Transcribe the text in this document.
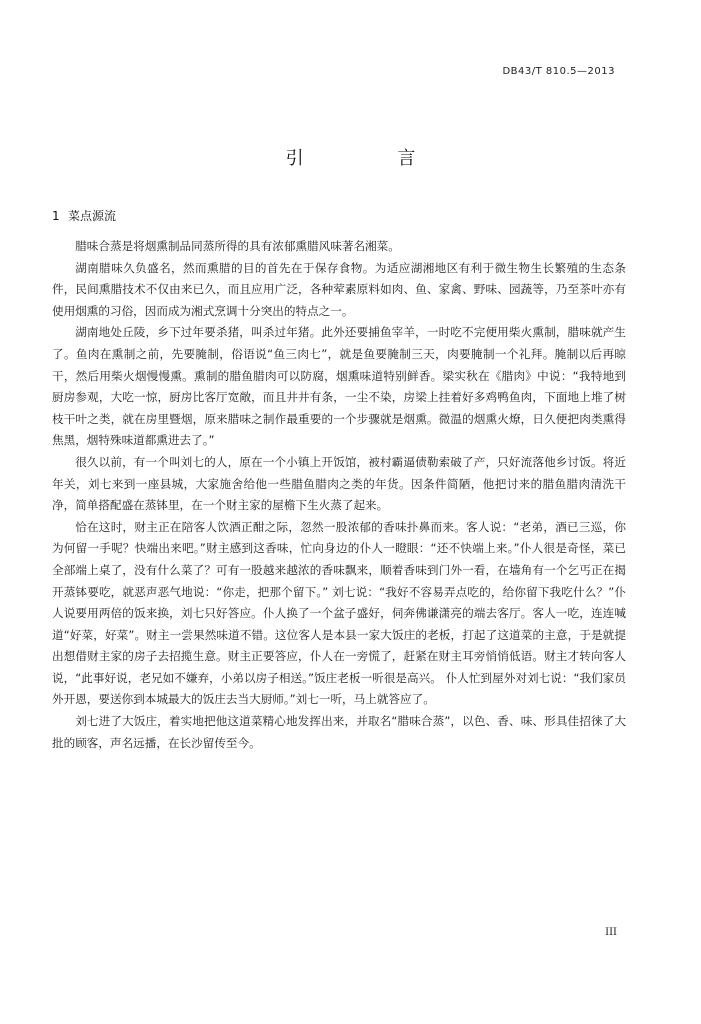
DB43/T 810.5—2013
引 言
1 菜点源流

腊味合蒸是将烟熏制品同蒸所得的具有浓郁熏腊风味著名湘菜。

湖南腊味久负盛名，然而熏腊的目的首先在于保存食物。为适应湖湘地区有利于微生物生长繁殖的生态条件，民间熏腊技术不仅由来已久，而且应用广泛，各种荤素原料如肉、鱼、家禽、野味、园蔬等，乃至茶叶亦有使用烟熏的习俗，因而成为湘式烹调十分突出的特点之一。

湖南地处丘陵，乡下过年要杀猪，叫杀过年猪。此外还要捕鱼宰羊，一时吃不完便用柴火熏制，腊味就产生了。鱼肉在熏制之前，先要腌制，俗语说“鱼三肉七”，就是鱼要腌制三天，肉要腌制一个礼拜。腌制以后再晾干，然后用柴火烟慢慢熏。熏制的腊鱼腊肉可以防腐，烟熏味道特别鲜香。梁实秋在《腊肉》中说：“我特地到厨房参观，大吃一惊，厨房比客厅宽敞，而且井井有条，一尘不染，房梁上挂着好多鸡鸭鱼肉，下面地上堆了树枝干叶之类，就在房里暨烟，原来腊味之制作最重要的一个步骤就是烟熏。微温的烟熏火燎，日久便把肉类熏得焦黑，烟特殊味道都熏进去了。”

很久以前，有一个叫刘七的人，原在一个小镇上开饭馆，被村霸逼债勒索破了产，只好流落他乡讨饭。将近年关，刘七来到一座县城，大家施舍给他一些腊鱼腊肉之类的年货。因条件简陋，他把讨来的腊鱼腊肉清洗干净，简单搭配盛在蒸钵里，在一个财主家的屋檐下生火蒸了起来。

恰在这时，财主正在陪客人饮酒正酣之际，忽然一股浓郁的香味扑鼻而来。客人说：“老弟，酒已三巡，你为何留一手呢？快端出来吧。”财主感到这香味，忙向身边的仆人一瞪眼：“还不快端上来。”仆人很是奇怪，菜已全部端上桌了，没有什么菜了？可有一股越来越浓的香味飘来，顺着香味到门外一看，在墙角有一个乞丐正在揭开蒸钵要吃，就恶声恶气地说：“你走，把那个留下。” 刘七说：“我好不容易弄点吃的，给你留下我吃什么？”仆人说要用两倍的饭来换，刘七只好答应。仆人换了一个盆子盛好，伺奔佛谦潇亮的端去客厅。客人一吃，连连喊道“好菜，好菜”。财主一尝果然味道不错。这位客人是本县一家大饭庄的老板，打起了这道菜的主意，于是就提出想借财主家的房子去招揽生意。财主正要答应，仆人在一旁慌了，赶紧在财主耳旁悄悄低语。财主才转向客人说，“此事好说，老兄如不嫌弃，小弟以房子相送。”饭庄老板一听很是高兴。 仆人忙到屋外对刘七说：“我们家员外开恩，要送你到本城最大的饭庄去当大厨师。”刘七一听，马上就答应了。

刘七进了大饭庄，着实地把他这道菜精心地发挥出来，并取名“腊味合蒸”，以色、香、味、形具佳招徕了大批的顾客，声名远播，在长沙留传至今。

III
